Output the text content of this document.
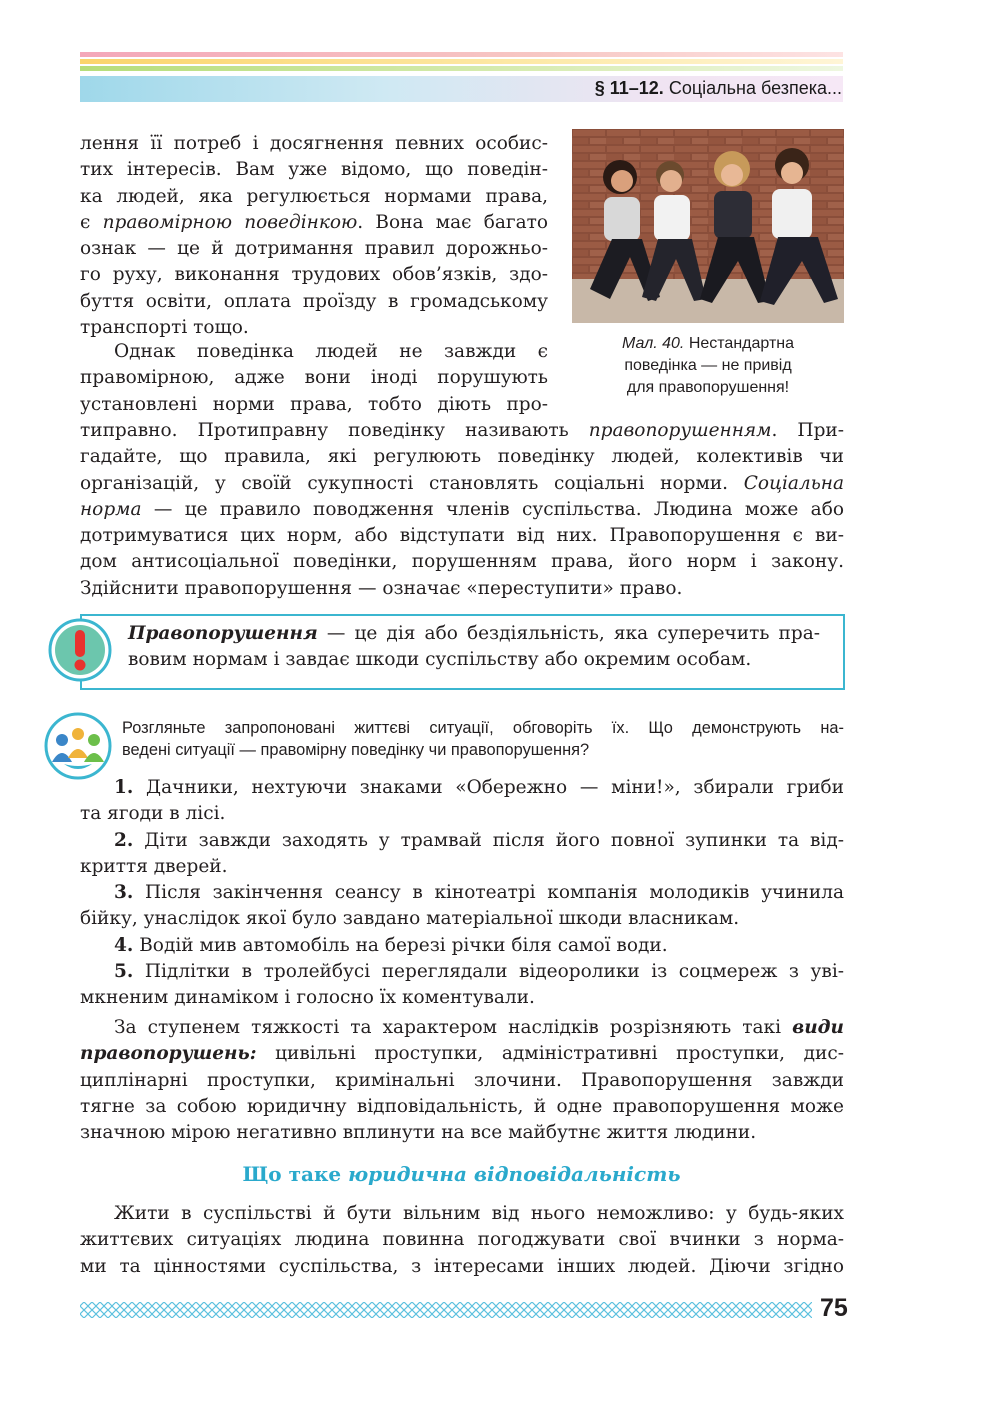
§ 11–12. Соціальна безпека...
лення її потреб і досягнення певних особис-
тих інтересів. Вам уже відомо, що поведін-
ка людей, яка регулюється нормами права,
є правомірною поведінкою. Вона має багато
ознак — це й дотримання правил дорожньо-
го руху, виконання трудових обов’язків, здо-
буття освіти, оплата проїзду в громадському
транспорті тощо.
Мал. 40. Нестандартна
поведінка — не привід
для правопорушення!
Однак поведінка людей не завжди є
правомірною, адже вони іноді порушують
установлені норми права, тобто діють про-
типравно. Протиправну поведінку називають правопорушенням. При-
гадайте, що правила, які регулюють поведінку людей, колективів чи
організацій, у своїй сукупності становлять соціальні норми. Соціальна
норма — це правило поводження членів суспільства. Людина може або
дотримуватися цих норм, або відступати від них. Правопорушення є ви-
дом антисоціальної поведінки, порушенням права, його норм і закону.
Здійснити правопорушення — означає «переступити» право.
Правопорушення — це дія або бездіяльність, яка суперечить пра-
вовим нормам і завдає шкоди суспільству або окремим особам.
Розгляньте запропоновані життєві ситуації, обговоріть їх. Що демонструють на-
ведені ситуації — правомірну поведінку чи правопорушення?
1. Дачники, нехтуючи знаками «Обережно — міни!», збирали гриби
та ягоди в лісі.
2. Діти завжди заходять у трамвай після його повної зупинки та від-
криття дверей.
3. Після закінчення сеансу в кінотеатрі компанія молодиків учинила
бійку, унаслідок якої було завдано матеріальної шкоди власникам.
4. Водій мив автомобіль на березі річки біля самої води.
5. Підлітки в тролейбусі переглядали відеоролики із соцмереж з уві-
мкненим динаміком і голосно їх коментували.
За ступенем тяжкості та характером наслідків розрізняють такі види
правопорушень: цивільні проступки, адміністративні проступки, дис-
циплінарні проступки, кримінальні злочини. Правопорушення завжди
тягне за собою юридичну відповідальність, й одне правопорушення може
значною мірою негативно вплинути на все майбутнє життя людини.
Що таке юридична відповідальність
Жити в суспільстві й бути вільним від нього неможливо: у будь-яких
життєвих ситуаціях людина повинна погоджувати свої вчинки з норма-
ми та цінностями суспільства, з інтересами інших людей. Діючи згідно
75
